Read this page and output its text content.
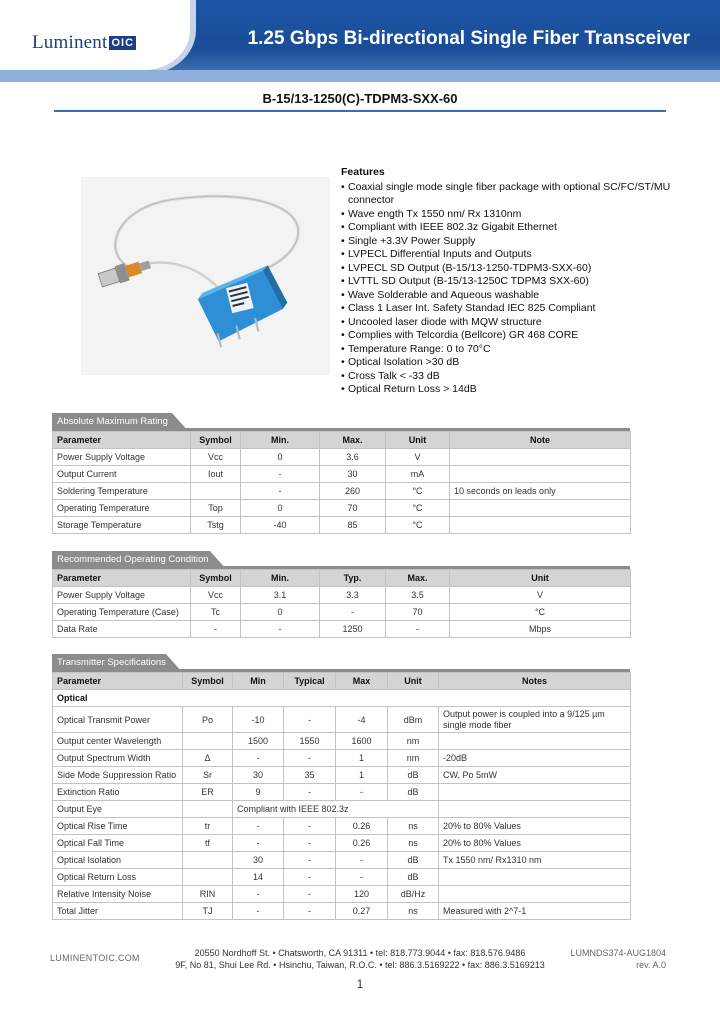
Luminent OIC	1.25 Gbps Bi-directional Single Fiber Transceiver
B-15/13-1250(C)-TDPM3-SXX-60
Features
• Coaxial single mode single fiber package with optional SC/FC/ST/MU connector
• Wave ength Tx 1550 nm/ Rx 1310nm
• Compliant with IEEE 802.3z Gigabit Ethernet
• Single +3.3V Power Supply
• LVPECL Differential Inputs and Outputs
• LVPECL SD Output (B-15/13-1250-TDPM3-SXX-60)
• LVTTL SD Output (B-15/13-1250C TDPM3 SXX-60)
• Wave Solderable and Aqueous washable
• Class 1 Laser Int. Safety Standad IEC 825 Compliant
• Uncooled laser diode with MQW structure
• Complies with Telcordia (Bellcore) GR 468 CORE
• Temperature Range: 0 to 70°C
• Optical Isolation >30 dB
• Cross Talk < -33 dB
• Optical Return Loss > 14dB
Absolute Maximum Rating
Parameter	Symbol	Min.	Max.	Unit	Note
Power Supply Voltage	Vcc	0	3.6	V	
Output Current	Iout	-	30	mA	
Soldering Temperature		-	260	°C	10 seconds on leads only
Operating Temperature	Top	0	70	°C	
Storage Temperature	Tstg	-40	85	°C	
Recommended Operating Condition
Parameter	Symbol	Min.	Typ.	Max.	Unit
Power Supply Voltage	Vcc	3.1	3.3	3.5	V
Operating Temperature (Case)	Tc	0	-	70	°C
Data Rate	-	-	1250	-	Mbps
Transmitter Specifications
Parameter	Symbol	Min	Typical	Max	Unit	Notes
Optical						
Optical Transmit Power	Po	-10	-	-4	dBm	Output power is coupled into a 9/125 µm single mode fiber
Output center Wavelength		1500	1550	1600	nm	
Output Spectrum Width	Δ	-	-	1	nm	-20dB
Side Mode Suppression Ratio	Sr	30	35	1	dB	CW, Po 5mW
Extinction Ratio	ER	9	-	-	dB	
Output Eye		Compliant with IEEE 802.3z				
Optical Rise Time	tr	-	-	0.26	ns	20% to 80% Values
Optical Fall Time	tf	-	-	0.26	ns	20% to 80% Values
Optical Isolation		30	-	-	dB	Tx 1550 nm/ Rx1310 nm
Optical Return Loss		14	-	-	dB	
Relative Intensity Noise	RIN	-	-	120	dB/Hz	
Total Jitter	TJ	-	-	0.27	ns	Measured with 2^7-1
LUMINENTOIC.COM	20550 Nordhoff St. • Chatsworth, CA 91311 • tel: 818.773.9044 • fax: 818.576.9486
9F, No 81, Shui Lee Rd. • Hsinchu, Taiwan, R.O.C. • tel: 886.3.5169222 • fax: 886.3.5169213
LUMNDS374-AUG1804
rev. A.0
1
